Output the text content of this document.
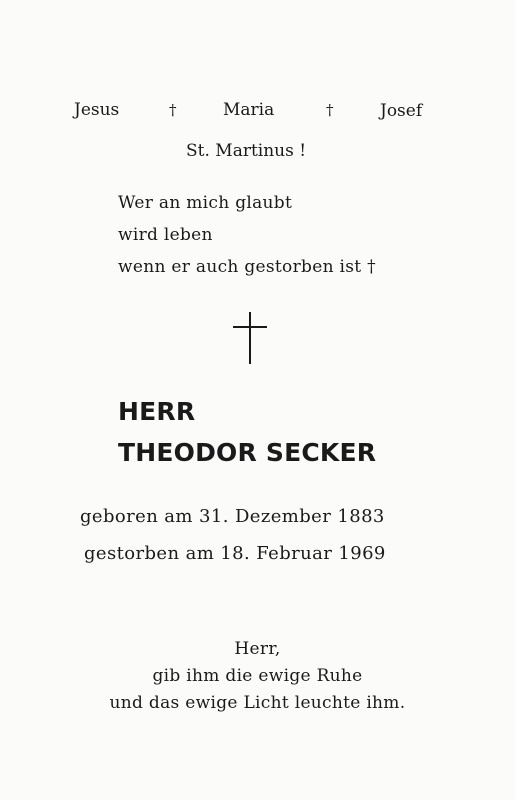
Jesus	†	Maria	†	Josef
St. Martinus !
Wer an mich glaubt
wird leben
wenn er auch gestorben ist †
HERR
THEODOR SECKER
geboren am 31. Dezember 1883
gestorben am 18. Februar 1969
Herr,
gib ihm die ewige Ruhe
und das ewige Licht leuchte ihm.
